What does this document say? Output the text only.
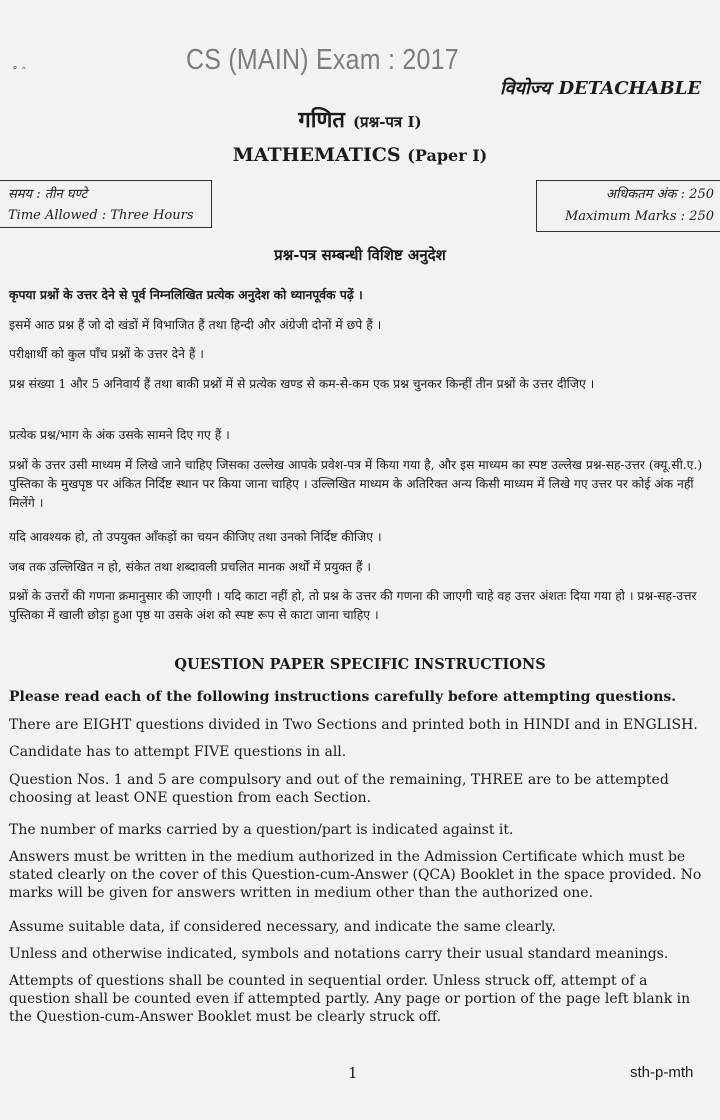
˳ ‸	CS (MAIN) Exam : 2017
वियोज्य DETACHABLE
गणित (प्रश्न-पत्र I)
MATHEMATICS (Paper I)
समय : तीन घण्टे
Time Allowed : Three Hours
अधिकतम अंक : 250
Maximum Marks : 250
प्रश्न-पत्र सम्बन्धी विशिष्ट अनुदेश

कृपया प्रश्नों के उत्तर देने से पूर्व निम्नलिखित प्रत्येक अनुदेश को ध्यानपूर्वक पढ़ें ।

इसमें आठ प्रश्न हैं जो दो खंडों में विभाजित हैं तथा हिन्दी और अंग्रेजी दोनों में छपे हैं ।

परीक्षार्थी को कुल पाँच प्रश्नों के उत्तर देने हैं ।

प्रश्न संख्या 1 और 5 अनिवार्य हैं तथा बाकी प्रश्नों में से प्रत्येक खण्ड से कम-से-कम एक प्रश्न चुनकर किन्हीं तीन प्रश्नों के उत्तर दीजिए ।

प्रत्येक प्रश्न/भाग के अंक उसके सामने दिए गए हैं ।

प्रश्नों के उत्तर उसी माध्यम में लिखे जाने चाहिए जिसका उल्लेख आपके प्रवेश-पत्र में किया गया है, और इस माध्यम का स्पष्ट उल्लेख प्रश्न-सह-उत्तर (क्यू.सी.ए.) पुस्तिका के मुखपृष्ठ पर अंकित निर्दिष्ट स्थान पर किया जाना चाहिए । उल्लिखित माध्यम के अतिरिक्त अन्य किसी माध्यम में लिखे गए उत्तर पर कोई अंक नहीं मिलेंगे ।

यदि आवश्यक हो, तो उपयुक्त आँकड़ों का चयन कीजिए तथा उनको निर्दिष्ट कीजिए ।

जब तक उल्लिखित न हो, संकेत तथा शब्दावली प्रचलित मानक अर्थों में प्रयुक्त हैं ।

प्रश्नों के उत्तरों की गणना क्रमानुसार की जाएगी । यदि काटा नहीं हो, तो प्रश्न के उत्तर की गणना की जाएगी चाहे वह उत्तर अंशतः दिया गया हो । प्रश्न-सह-उत्तर पुस्तिका में खाली छोड़ा हुआ पृष्ठ या उसके अंश को स्पष्ट रूप से काटा जाना चाहिए ।

QUESTION PAPER SPECIFIC INSTRUCTIONS

Please read each of the following instructions carefully before attempting questions.

There are EIGHT questions divided in Two Sections and printed both in HINDI and in ENGLISH.

Candidate has to attempt FIVE questions in all.

Question Nos. 1 and 5 are compulsory and out of the remaining, THREE are to be attempted choosing at least ONE question from each Section.

The number of marks carried by a question/part is indicated against it.

Answers must be written in the medium authorized in the Admission Certificate which must be stated clearly on the cover of this Question-cum-Answer (QCA) Booklet in the space provided. No marks will be given for answers written in medium other than the authorized one.

Assume suitable data, if considered necessary, and indicate the same clearly.

Unless and otherwise indicated, symbols and notations carry their usual standard meanings.

Attempts of questions shall be counted in sequential order. Unless struck off, attempt of a question shall be counted even if attempted partly. Any page or portion of the page left blank in the Question-cum-Answer Booklet must be clearly struck off.

1	sth-p-mth
